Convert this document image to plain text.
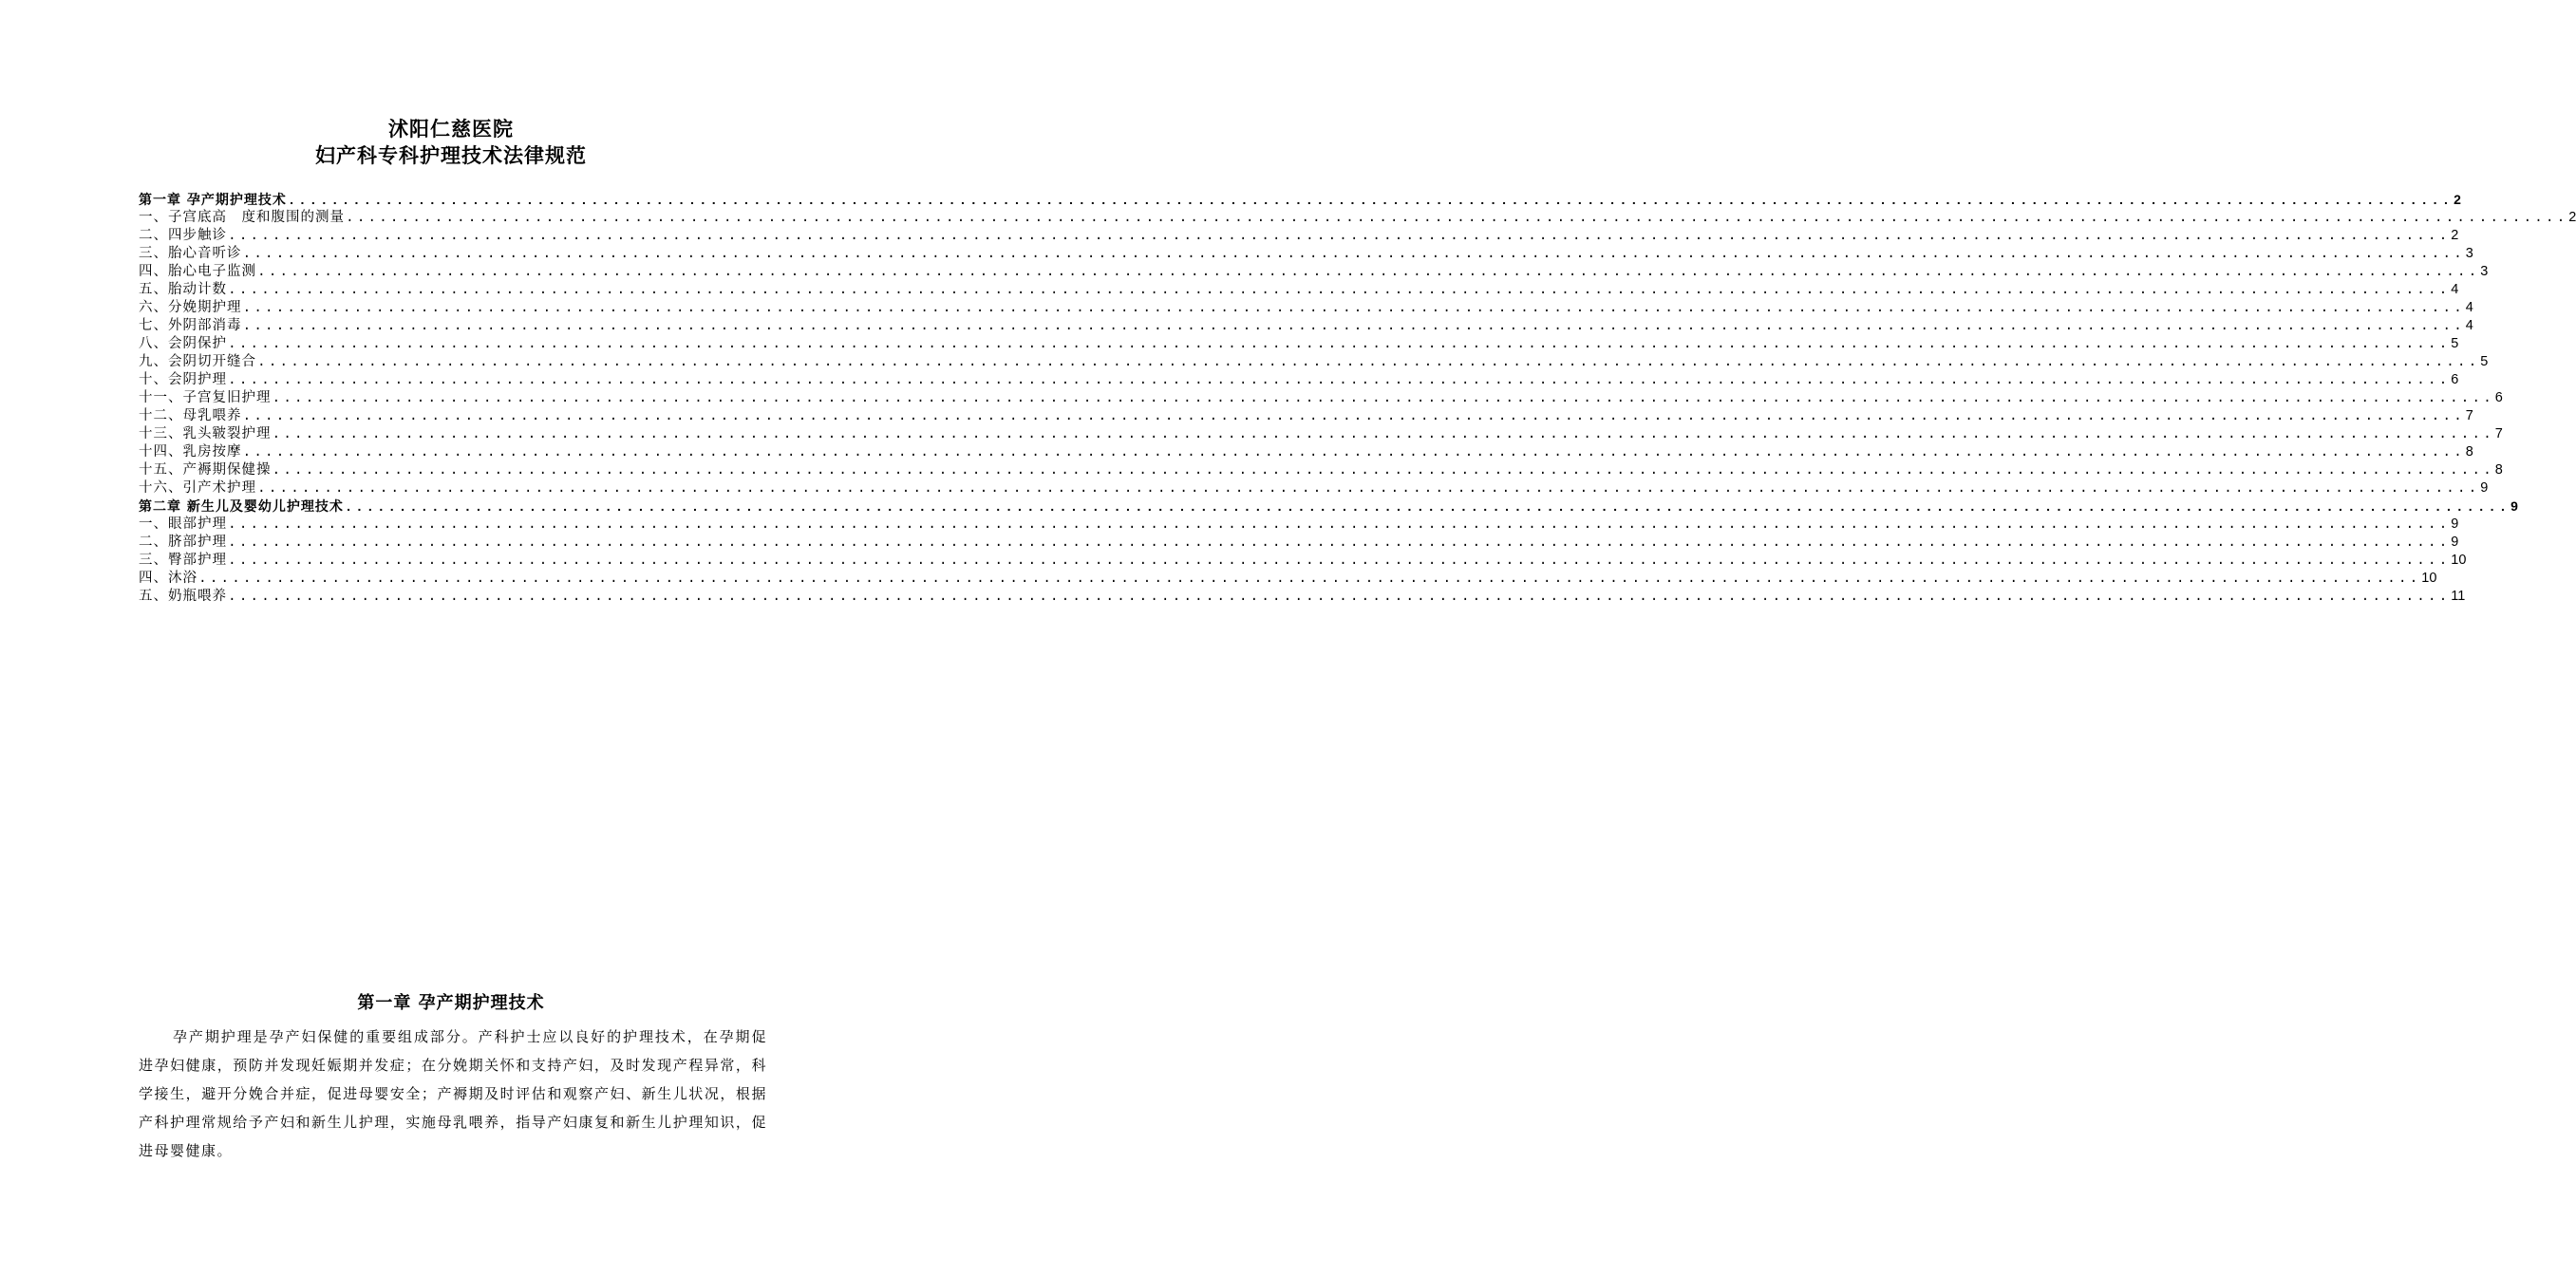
沭阳仁慈医院
妇产科专科护理技术法律规范
第一章 孕产期护理技术 ........................................................................................................................................................................................................ 2
一、子宫底高　度和腹围的测量 ........................................................................................................................................................................................................ 2
二、四步触诊 ........................................................................................................................................................................................................ 2
三、胎心音听诊 ........................................................................................................................................................................................................ 3
四、胎心电子监测 ........................................................................................................................................................................................................ 3
五、胎动计数 ........................................................................................................................................................................................................ 4
六、分娩期护理 ........................................................................................................................................................................................................ 4
七、外阴部消毒 ........................................................................................................................................................................................................ 4
八、会阴保护 ........................................................................................................................................................................................................ 5
九、会阴切开缝合 ........................................................................................................................................................................................................ 5
十、会阴护理 ........................................................................................................................................................................................................ 6
十一、子宫复旧护理 ........................................................................................................................................................................................................ 6
十二、母乳喂养 ........................................................................................................................................................................................................ 7
十三、乳头皲裂护理 ........................................................................................................................................................................................................ 7
十四、乳房按摩 ........................................................................................................................................................................................................ 8
十五、产褥期保健操 ........................................................................................................................................................................................................ 8
十六、引产术护理 ........................................................................................................................................................................................................ 9
第二章 新生儿及婴幼儿护理技术 ........................................................................................................................................................................................................ 9
一、眼部护理 ........................................................................................................................................................................................................ 9
二、脐部护理 ........................................................................................................................................................................................................ 9
三、臀部护理 ........................................................................................................................................................................................................ 10
四、沐浴 ........................................................................................................................................................................................................ 10
五、奶瓶喂养 ........................................................................................................................................................................................................ 11
第一章 孕产期护理技术
孕产期护理是孕产妇保健的重要组成部分。产科护士应以良好的护理技术，在孕期促进孕妇健康，预防并发现妊娠期并发症；在分娩期关怀和支持产妇，及时发现产程异常，科学接生，避开分娩合并症，促进母婴安全；产褥期及时评估和观察产妇、新生儿状况，根据产科护理常规给予产妇和新生儿护理，实施母乳喂养，指导产妇康复和新生儿护理知识，促进母婴健康。
